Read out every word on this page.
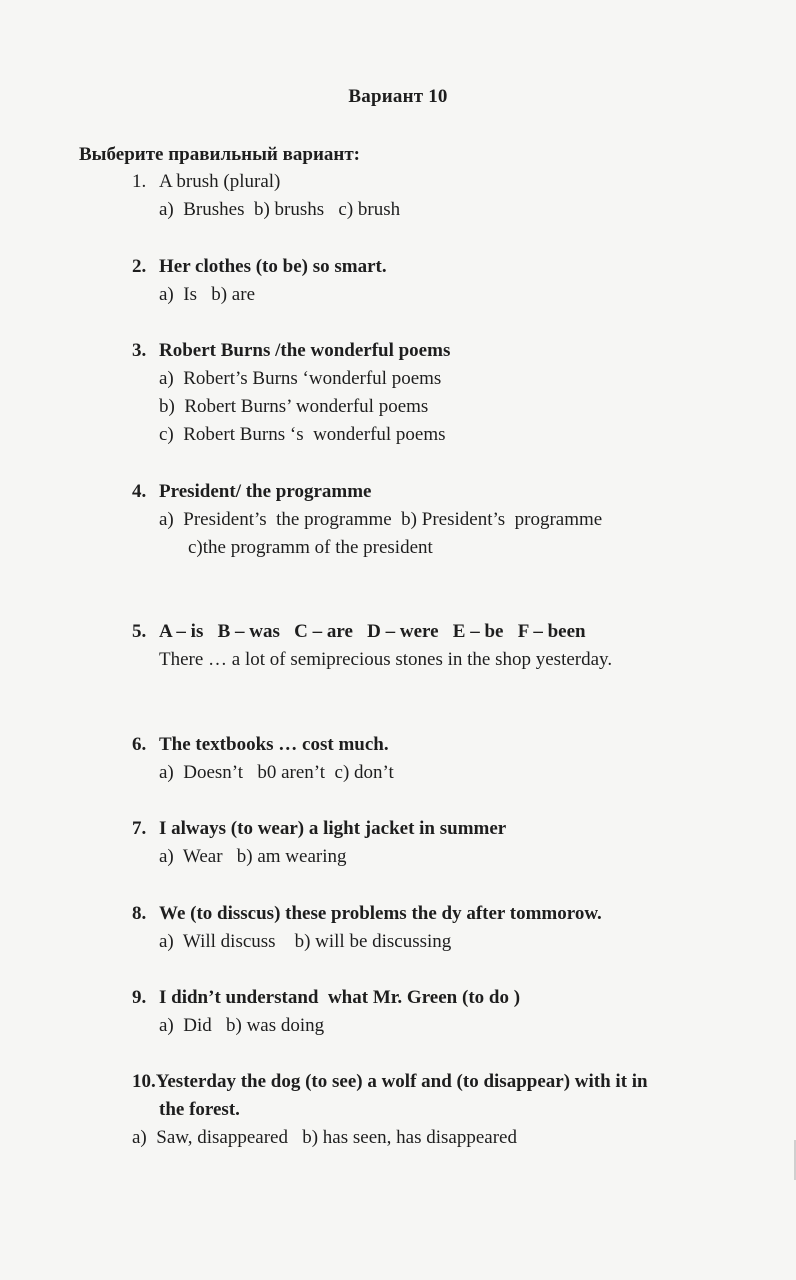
Вариант 10
Выберите правильный вариант:
1. A brush (plural)
a)  Brushes  b) brushs   c) brush
2. Her clothes (to be) so smart.
a)  Is   b) are
3. Robert Burns /the wonderful poems
a)  Robert’s Burns ‘wonderful poems
b)  Robert Burns’ wonderful poems
c)  Robert Burns ‘s  wonderful poems
4. President/ the programme
a)  President’s  the programme  b) President’s  programme
c)the programm of the president
5. A – is   B – was   C – are   D – were   E – be   F – been
There … a lot of semiprecious stones in the shop yesterday.
6. The textbooks … cost much.
a)  Doesn’t   b0 aren’t  c) don’t
7. I always (to wear) a light jacket in summer
a)  Wear   b) am wearing
8. We (to disscus) these problems the dy after tommorow.
a)  Will discuss    b) will be discussing
9. I didn’t understand  what Mr. Green (to do )
a)  Did   b) was doing
10.Yesterday the dog (to see) a wolf and (to disappear) with it in
the forest.
a)  Saw, disappeared   b) has seen, has disappeared
